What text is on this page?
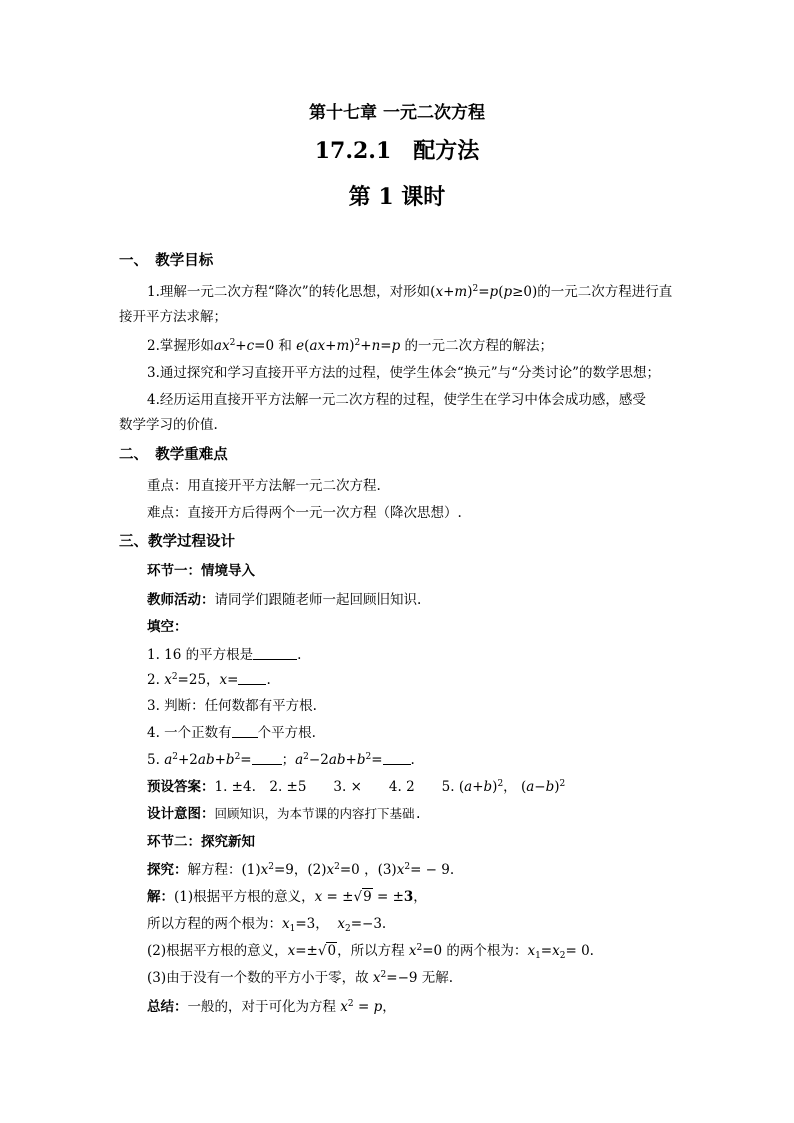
第十七章 一元二次方程
17.2.1　配方法
第 1 课时
一、　教学目标
1.理解一元二次方程“降次”的转化思想，对形如$(x+m)^2=p(p\ge 0)$的一元二次方程进行直
接开平方法求解；
2.掌握形如$ax^2+c=0$ 和 $e(ax+m)^2+n=p$ 的一元二次方程的解法；
3.通过探究和学习直接开平方法的过程，使学生体会“换元”与“分类讨论”的数学思想；
4.经历运用直接开平方法解一元二次方程的过程，使学生在学习中体会成功感，感受
数学学习的价值.
二、　教学重难点
重点：用直接开平方法解一元二次方程.
难点：直接开方后得两个一元一次方程（降次思想）.
三、教学过程设计
环节一：情境导入
教师活动：请同学们跟随老师一起回顾旧知识.
填空：
1. 16 的平方根是	.
2. $x^2=25$，x= .
3. 判断：任何数都有平方根.
4. 一个正数有 个平方根.
5. $a^2+2ab+b^2=$ ；$a^2-2ab+b^2=$ .
预设答案：1. ±4.　2. ±5　　3. ×　　4. 2　　5. $(a+b)^2$， $(a-b)^2$
设计意图：回顾知识，为本节课的内容打下基础.
环节二：探究新知
探究：解方程：$(1)x^2=9$，$(2)x^2=0$ ，$(3)x^2= - 9$.
解：(1)根据平方根的意义，x = ±√9 = ±3，
所以方程的两个根为：$x_1=3$，  $x_2=-3$.
(2)根据平方根的意义，x=±√0，所以方程 $x^2=0$ 的两个根为：$x_1=x_2= 0$.
(3)由于没有一个数的平方小于零，故 $x^2=-9$ 无解.
总结：一般的，对于可化为方程 $x^2 = p$，
